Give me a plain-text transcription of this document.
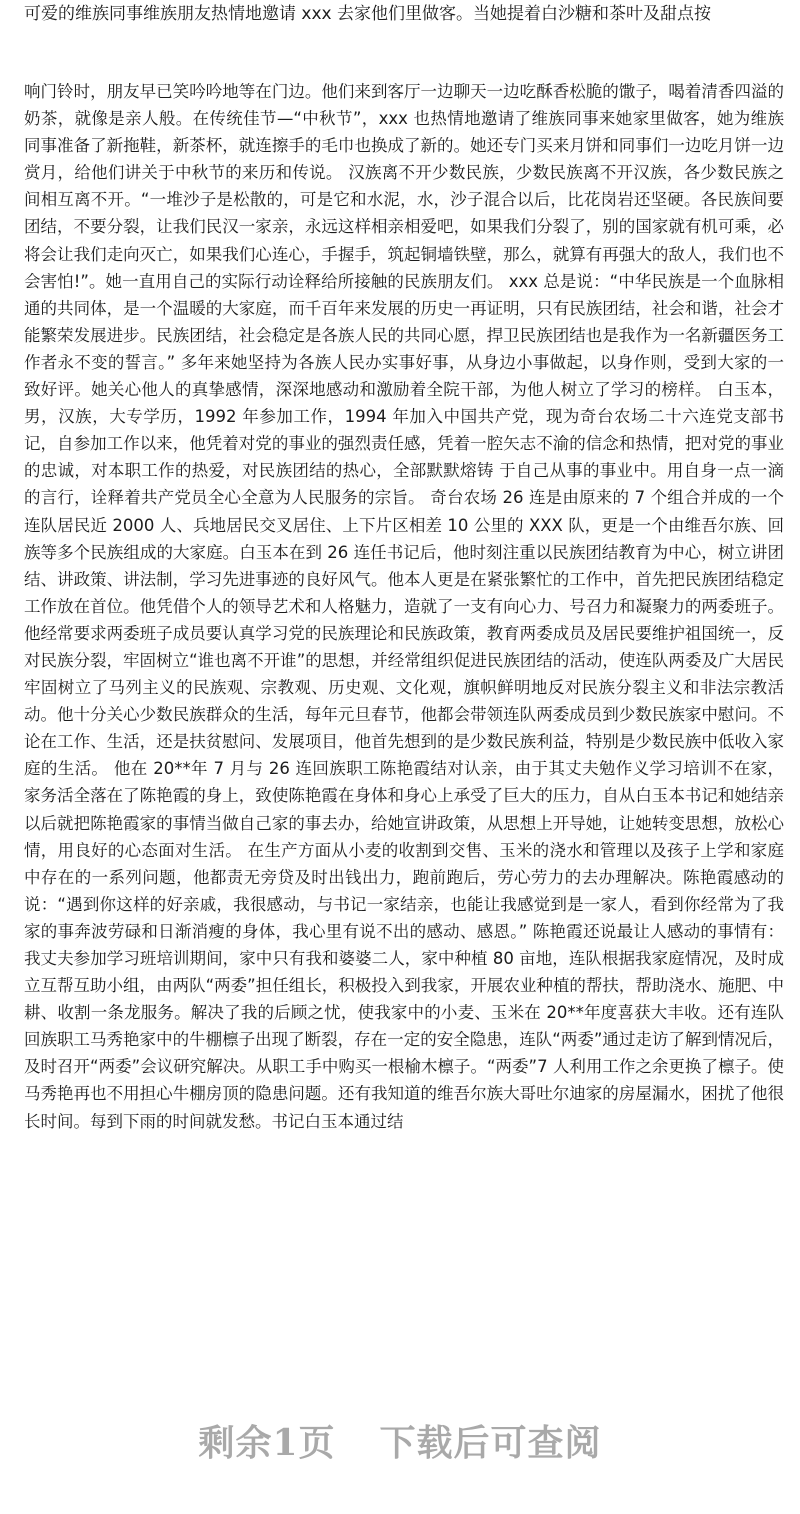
可爱的维族同事维族朋友热情地邀请 xxx 去家他们里做客。当她提着白沙糖和茶叶及甜点按
响门铃时，朋友早已笑吟吟地等在门边。他们来到客厅一边聊天一边吃酥香松脆的馓子，喝着清香四溢的奶茶，就像是亲人般。在传统佳节—“中秋节”，xxx 也热情地邀请了维族同事来她家里做客，她为维族同事准备了新拖鞋，新茶杯，就连擦手的毛巾也换成了新的。她还专门买来月饼和同事们一边吃月饼一边赏月，给他们讲关于中秋节的来历和传说。 汉族离不开少数民族，少数民族离不开汉族，各少数民族之间相互离不开。“一堆沙子是松散的，可是它和水泥，水，沙子混合以后，比花岗岩还坚硬。各民族间要团结，不要分裂，让我们民汉一家亲，永远这样相亲相爱吧，如果我们分裂了，别的国家就有机可乘，必将会让我们走向灭亡，如果我们心连心，手握手，筑起铜墙铁壁，那么，就算有再强大的敌人，我们也不会害怕!”。她一直用自己的实际行动诠释给所接触的民族朋友们。 xxx 总是说：“中华民族是一个血脉相通的共同体，是一个温暖的大家庭，而千百年来发展的历史一再证明，只有民族团结，社会和谐，社会才能繁荣发展进步。民族团结，社会稳定是各族人民的共同心愿，捍卫民族团结也是我作为一名新疆医务工作者永不变的誓言。” 多年来她坚持为各族人民办实事好事，从身边小事做起，以身作则，受到大家的一致好评。她关心他人的真挚感情，深深地感动和激励着全院干部，为他人树立了学习的榜样。 白玉本，男，汉族，大专学历，1992 年参加工作，1994 年加入中国共产党，现为奇台农场二十六连党支部书记，自参加工作以来，他凭着对党的事业的强烈责任感，凭着一腔矢志不渝的信念和热情，把对党的事业的忠诚，对本职工作的热爱，对民族团结的热心，全部默默熔铸 于自己从事的事业中。用自身一点一滴的言行，诠释着共产党员全心全意为人民服务的宗旨。 奇台农场 26 连是由原来的 7 个组合并成的一个连队居民近 2000 人、兵地居民交叉居住、上下片区相差 10 公里的 XXX 队，更是一个由维吾尔族、回族等多个民族组成的大家庭。白玉本在到 26 连任书记后，他时刻注重以民族团结教育为中心，树立讲团结、讲政策、讲法制，学习先进事迹的良好风气。他本人更是在紧张繁忙的工作中，首先把民族团结稳定工作放在首位。他凭借个人的领导艺术和人格魅力，造就了一支有向心力、号召力和凝聚力的两委班子。 他经常要求两委班子成员要认真学习党的民族理论和民族政策，教育两委成员及居民要维护祖国统一，反对民族分裂，牢固树立“谁也离不开谁”的思想，并经常组织促进民族团结的活动，使连队两委及广大居民牢固树立了马列主义的民族观、宗教观、历史观、文化观，旗帜鲜明地反对民族分裂主义和非法宗教活动。他十分关心少数民族群众的生活，每年元旦春节，他都会带领连队两委成员到少数民族家中慰问。不论在工作、生活，还是扶贫慰问、发展项目，他首先想到的是少数民族利益，特别是少数民族中低收入家庭的生活。 他在 20**年 7 月与 26 连回族职工陈艳霞结对认亲，由于其丈夫勉作义学习培训不在家，家务活全落在了陈艳霞的身上，致使陈艳霞在身体和身心上承受了巨大的压力，自从白玉本书记和她结亲以后就把陈艳霞家的事情当做自己家的事去办，给她宣讲政策，从思想上开导她，让她转变思想，放松心情，用良好的心态面对生活。 在生产方面从小麦的收割到交售、玉米的浇水和管理以及孩子上学和家庭中存在的一系列问题，他都责无旁贷及时出钱出力，跑前跑后，劳心劳力的去办理解决。陈艳霞感动的说：“遇到你这样的好亲戚，我很感动，与书记一家结亲，也能让我感觉到是一家人，看到你经常为了我家的事奔波劳碌和日渐消瘦的身体，我心里有说不出的感动、感恩。” 陈艳霞还说最让人感动的事情有：我丈夫参加学习班培训期间，家中只有我和婆婆二人，家中种植 80 亩地，连队根据我家庭情况，及时成立互帮互助小组，由两队“两委”担任组长，积极投入到我家，开展农业种植的帮扶，帮助浇水、施肥、中耕、收割一条龙服务。解决了我的后顾之忧，使我家中的小麦、玉米在 20**年度喜获大丰收。还有连队回族职工马秀艳家中的牛棚檩子出现了断裂，存在一定的安全隐患，连队“两委”通过走访了解到情况后，及时召开“两委”会议研究解决。从职工手中购买一根榆木檩子。“两委”7 人利用工作之余更换了檩子。使马秀艳再也不用担心牛棚房顶的隐患问题。还有我知道的维吾尔族大哥吐尔迪家的房屋漏水，困扰了他很长时间。每到下雨的时间就发愁。书记白玉本通过结
剩余1页 下载后可查阅
